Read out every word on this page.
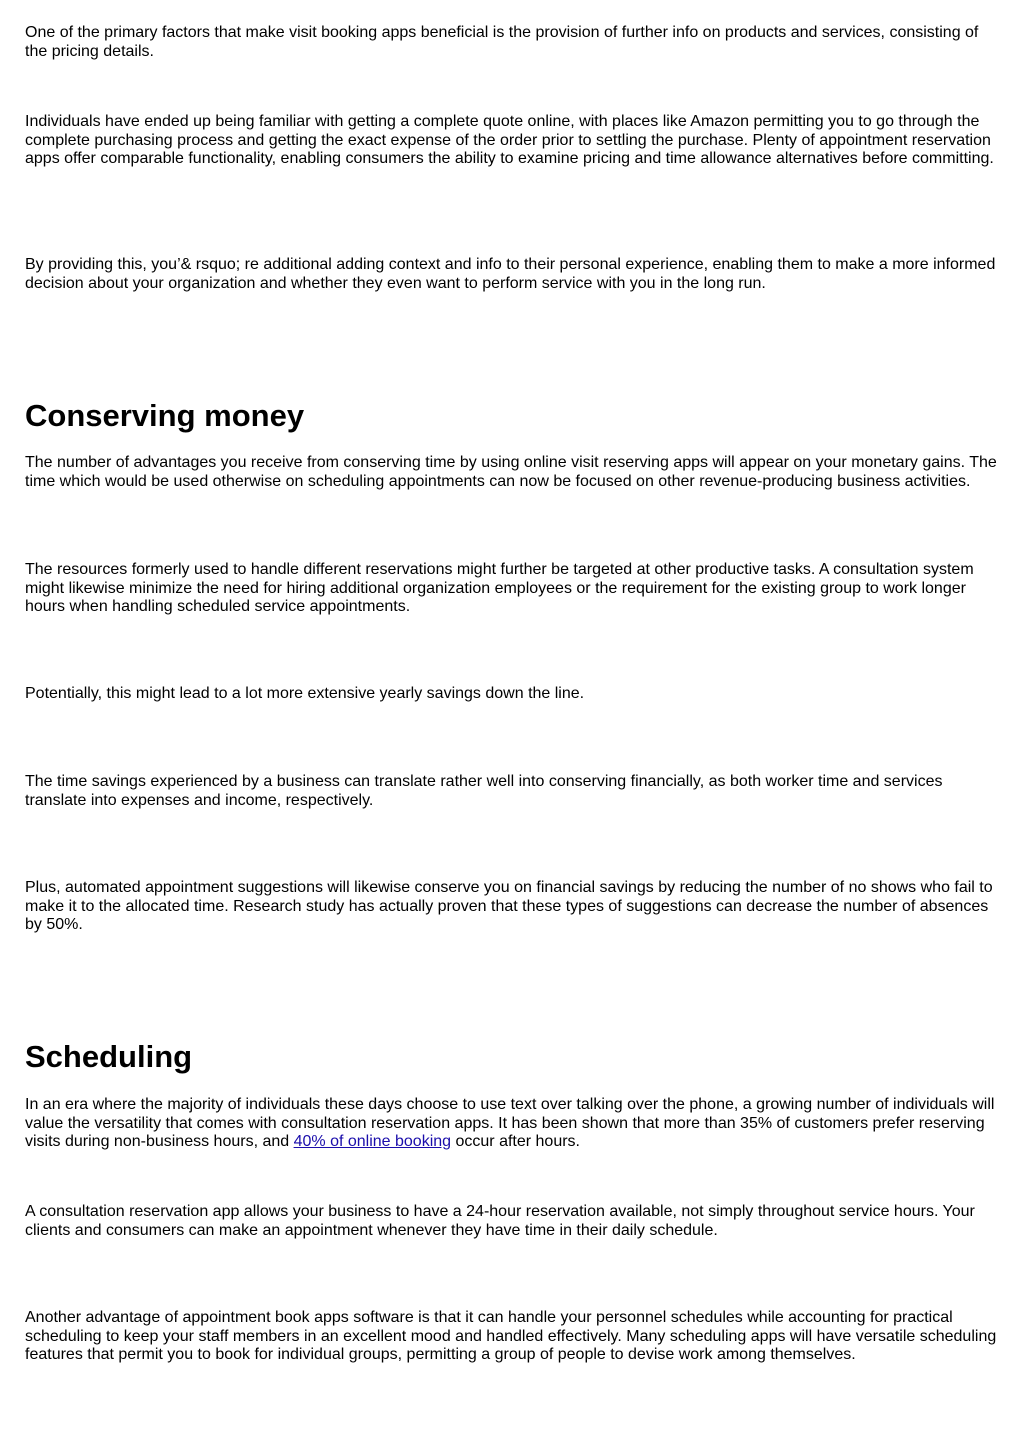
One of the primary factors that make visit booking apps beneficial is the provision of further info on products and services, consisting of the pricing details.

Individuals have ended up being familiar with getting a complete quote online, with places like Amazon permitting you to go through the complete purchasing process and getting the exact expense of the order prior to settling the purchase. Plenty of appointment reservation apps offer comparable functionality, enabling consumers the ability to examine pricing and time allowance alternatives before committing.

By providing this, you’& rsquo; re additional adding context and info to their personal experience, enabling them to make a more informed decision about your organization and whether they even want to perform service with you in the long run.

Conserving money

The number of advantages you receive from conserving time by using online visit reserving apps will appear on your monetary gains. The time which would be used otherwise on scheduling appointments can now be focused on other revenue-producing business activities.

The resources formerly used to handle different reservations might further be targeted at other productive tasks. A consultation system might likewise minimize the need for hiring additional organization employees or the requirement for the existing group to work longer hours when handling scheduled service appointments.

Potentially, this might lead to a lot more extensive yearly savings down the line.

The time savings experienced by a business can translate rather well into conserving financially, as both worker time and services translate into expenses and income, respectively.

Plus, automated appointment suggestions will likewise conserve you on financial savings by reducing the number of no shows who fail to make it to the allocated time. Research study has actually proven that these types of suggestions can decrease the number of absences by 50%.

Scheduling

In an era where the majority of individuals these days choose to use text over talking over the phone, a growing number of individuals will value the versatility that comes with consultation reservation apps. It has been shown that more than 35% of customers prefer reserving visits during non-business hours, and 40% of online booking occur after hours.

A consultation reservation app allows your business to have a 24-hour reservation available, not simply throughout service hours. Your clients and consumers can make an appointment whenever they have time in their daily schedule.

Another advantage of appointment book apps software is that it can handle your personnel schedules while accounting for practical scheduling to keep your staff members in an excellent mood and handled effectively. Many scheduling apps will have versatile scheduling features that permit you to book for individual groups, permitting a group of people to devise work among themselves.
